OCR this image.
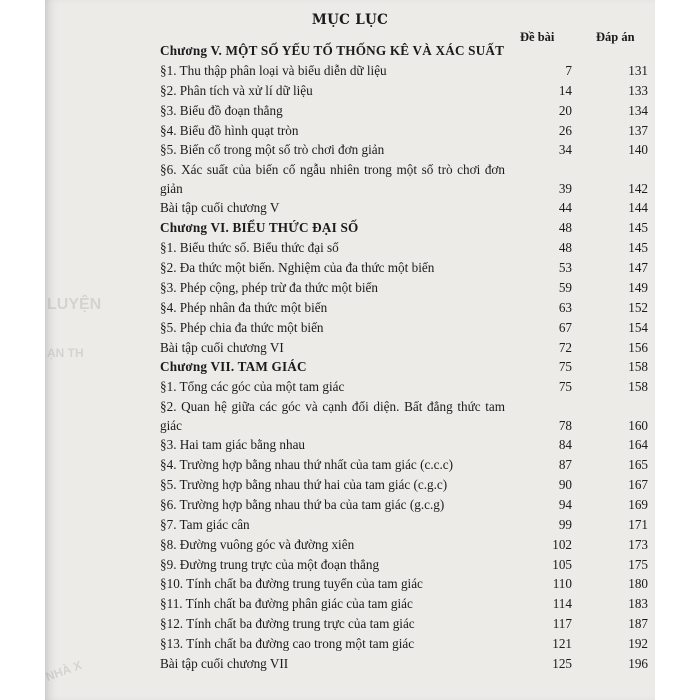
LUYỆN
ẠN TH
NHÀ X
MỤC LỤC
Đề bài	Đáp án
Chương V. MỘT SỐ YẾU TỐ THỐNG KÊ VÀ XÁC SUẤT
§1. Thu thập phân loại và biểu diễn dữ liệu	7	131
§2. Phân tích và xử lí dữ liệu	14	133
§3. Biểu đồ đoạn thẳng	20	134
§4. Biểu đồ hình quạt tròn	26	137
§5. Biến cố trong một số trò chơi đơn giản	34	140
§6. Xác suất của biến cố ngẫu nhiên trong một số trò chơi đơn giản	39	142
Bài tập cuối chương V	44	144
Chương VI. BIỂU THỨC ĐẠI SỐ	48	145
§1. Biểu thức số. Biểu thức đại số	48	145
§2. Đa thức một biến. Nghiệm của đa thức một biến	53	147
§3. Phép cộng, phép trừ đa thức một biến	59	149
§4. Phép nhân đa thức một biến	63	152
§5. Phép chia đa thức một biến	67	154
Bài tập cuối chương VI	72	156
Chương VII. TAM GIÁC	75	158
§1. Tổng các góc của một tam giác	75	158
§2. Quan hệ giữa các góc và cạnh đối diện. Bất đẳng thức tam giác	78	160
§3. Hai tam giác bằng nhau	84	164
§4. Trường hợp bằng nhau thứ nhất của tam giác (c.c.c)	87	165
§5. Trường hợp bằng nhau thứ hai của tam giác (c.g.c)	90	167
§6. Trường hợp bằng nhau thứ ba của tam giác (g.c.g)	94	169
§7. Tam giác cân	99	171
§8. Đường vuông góc và đường xiên	102	173
§9. Đường trung trực của một đoạn thẳng	105	175
§10. Tính chất ba đường trung tuyến của tam giác	110	180
§11. Tính chất ba đường phân giác của tam giác	114	183
§12. Tính chất ba đường trung trực của tam giác	117	187
§13. Tính chất ba đường cao trong một tam giác	121	192
Bài tập cuối chương VII	125	196
